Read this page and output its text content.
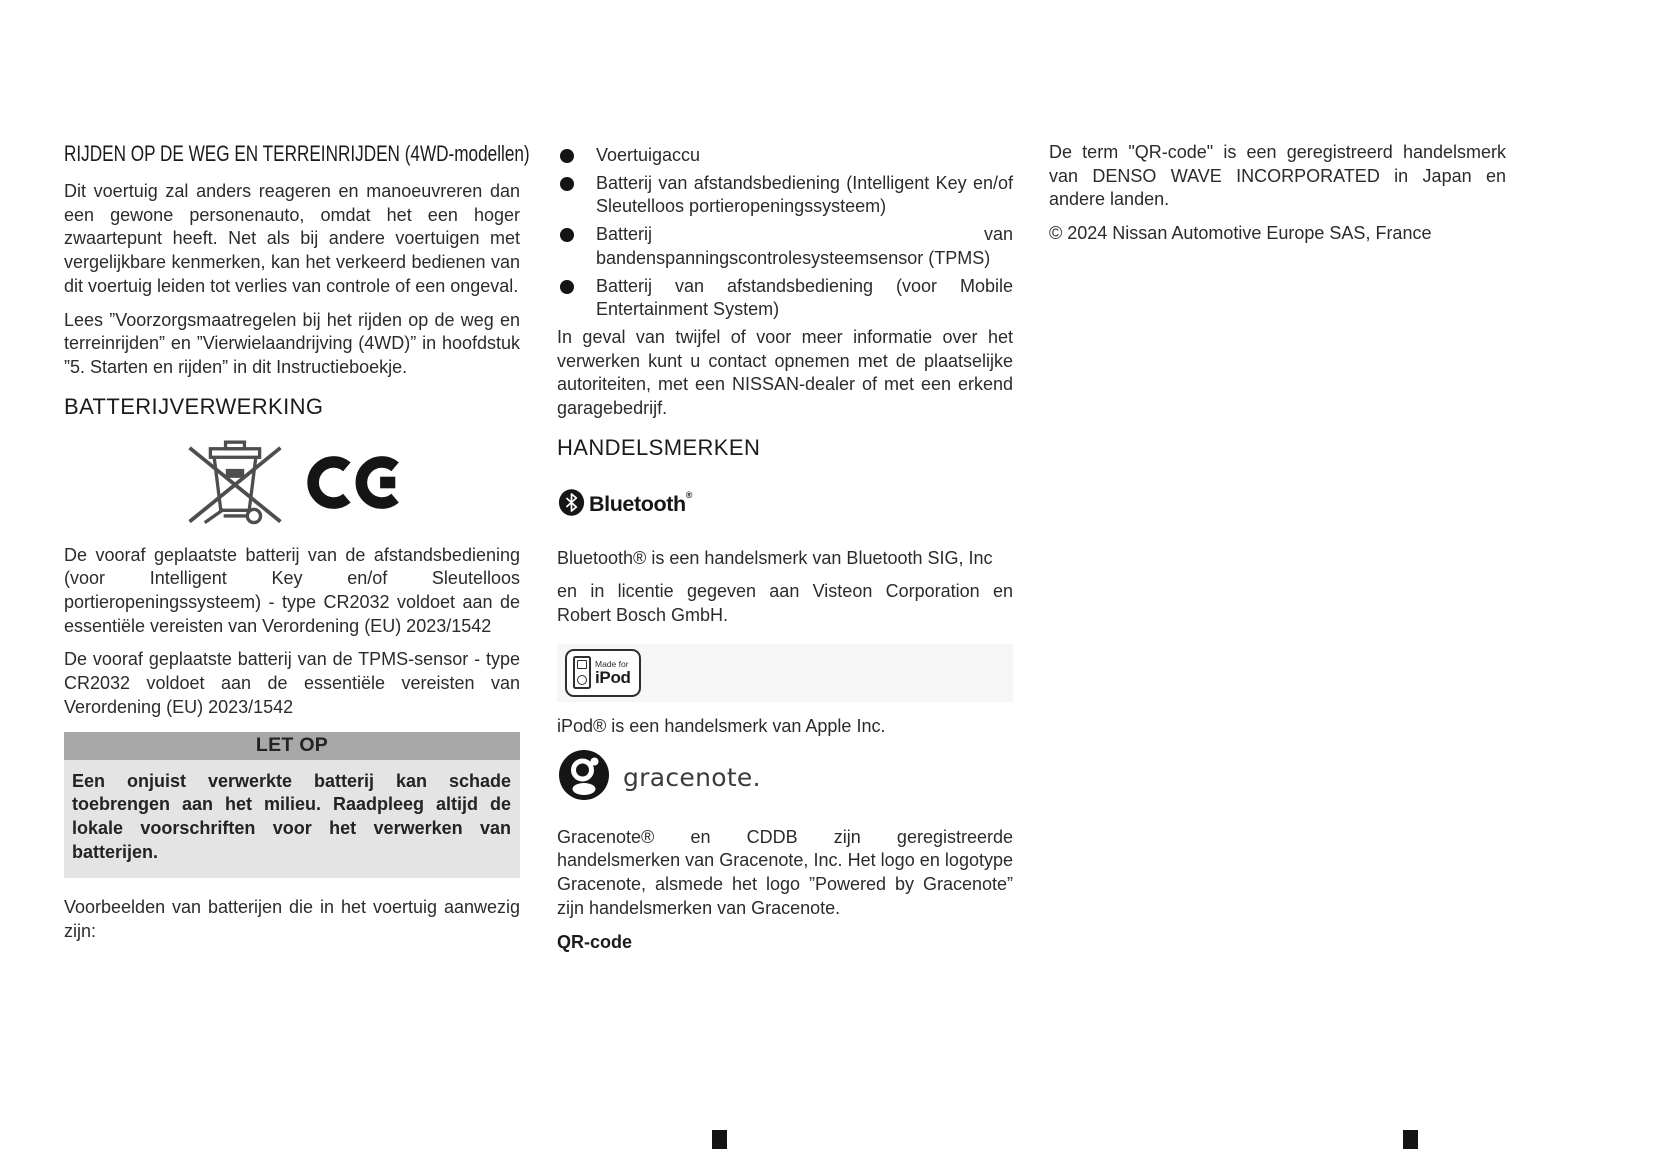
RIJDEN OP DE WEG EN TERREINRIJDEN (4WD-modellen)

Dit voertuig zal anders reageren en manoeuvreren dan een gewone personenauto, omdat het een hoger zwaartepunt heeft. Net als bij andere voertuigen met vergelijkbare kenmerken, kan het verkeerd bedienen van dit voertuig leiden tot verlies van controle of een ongeval.

Lees ”Voorzorgsmaatregelen bij het rijden op de weg en terreinrijden” en ”Vierwielaandrijving (4WD)” in hoofdstuk ”5. Starten en rijden” in dit Instructieboekje.

BATTERIJVERWERKING

De vooraf geplaatste batterij van de afstandsbediening (voor Intelligent Key en/of Sleutelloos portieropeningssysteem) - type CR2032 voldoet aan de essentiële vereisten van Verordening (EU) 2023/1542

De vooraf geplaatste batterij van de TPMS-sensor - type CR2032 voldoet aan de essentiële vereisten van Verordening (EU) 2023/1542

LET OP
Een onjuist verwerkte batterij kan schade toebrengen aan het milieu. Raadpleeg altijd de lokale voorschriften voor het verwerken van batterijen.

Voorbeelden van batterijen die in het voertuig aanwezig zijn:

Voertuigaccu
Batterij van afstandsbediening (Intelligent Key en/of Sleutelloos portieropeningssysteem)
Batterij van bandenspanningscontrolesysteemsensor (TPMS)
Batterij van afstandsbediening (voor Mobile Entertainment System)

In geval van twijfel of voor meer informatie over het verwerken kunt u contact opnemen met de plaatselijke autoriteiten, met een NISSAN-dealer of met een erkend garagebedrijf.

HANDELSMERKEN
Bluetooth®

Bluetooth® is een handelsmerk van Bluetooth SIG, Inc

en in licentie gegeven aan Visteon Corporation en Robert Bosch GmbH.

Made for
iPod

iPod® is een handelsmerk van Apple Inc.

gracenote.

Gracenote® en CDDB zijn geregistreerde handelsmerken van Gracenote, Inc. Het logo en logotype Gracenote, alsmede het logo ”Powered by Gracenote” zijn handelsmerken van Gracenote.

QR-code

De term "QR-code" is een geregistreerd handelsmerk van DENSO WAVE INCORPORATED in Japan en andere landen.

© 2024 Nissan Automotive Europe SAS, France
